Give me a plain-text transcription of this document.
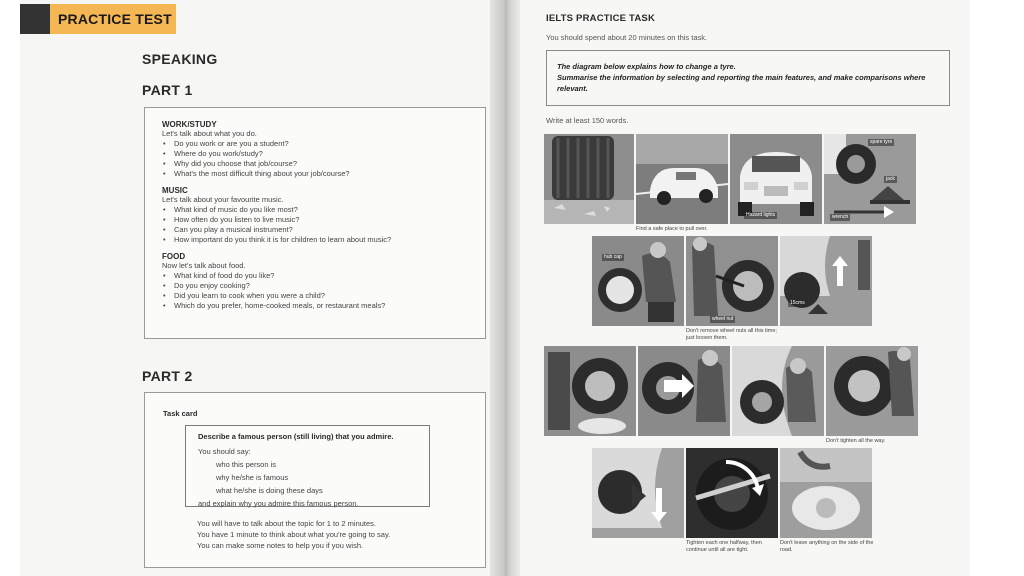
PRACTICE TEST
SPEAKING
PART 1
WORK/STUDY
Let's talk about what you do.
• Do you work or are you a student?
• Where do you work/study?
• Why did you choose that job/course?
• What's the most difficult thing about your job/course?
MUSIC
Let's talk about your favourite music.
• What kind of music do you like most?
• How often do you listen to live music?
• Can you play a musical instrument?
• How important do you think it is for children to learn about music?
FOOD
Now let's talk about food.
• What kind of food do you like?
• Do you enjoy cooking?
• Did you learn to cook when you were a child?
• Which do you prefer, home-cooked meals, or restaurant meals?
PART 2
Task card
Describe a famous person (still living) that you admire.
You should say:
who this person is
why he/she is famous
what he/she is doing these days
and explain why you admire this famous person.
You will have to talk about the topic for 1 to 2 minutes.
You have 1 minute to think about what you're going to say.
You can make some notes to help you if you wish.
IELTS PRACTICE TASK
You should spend about 20 minutes on this task.

The diagram below explains how to change a tyre.

Summarise the information by selecting and reporting the main features, and make comparisons where relevant.

Write at least 150 words.
Hazard lights
spare tyre
jack
wrench
Find a safe place to pull over.
hub cap
wheel nut
15cms
Don't remove wheel nuts all this time; just loosen them.
Don't tighten all the way.
Tighten each one halfway, then continue until all are tight.
Don't leave anything on the side of the road.
